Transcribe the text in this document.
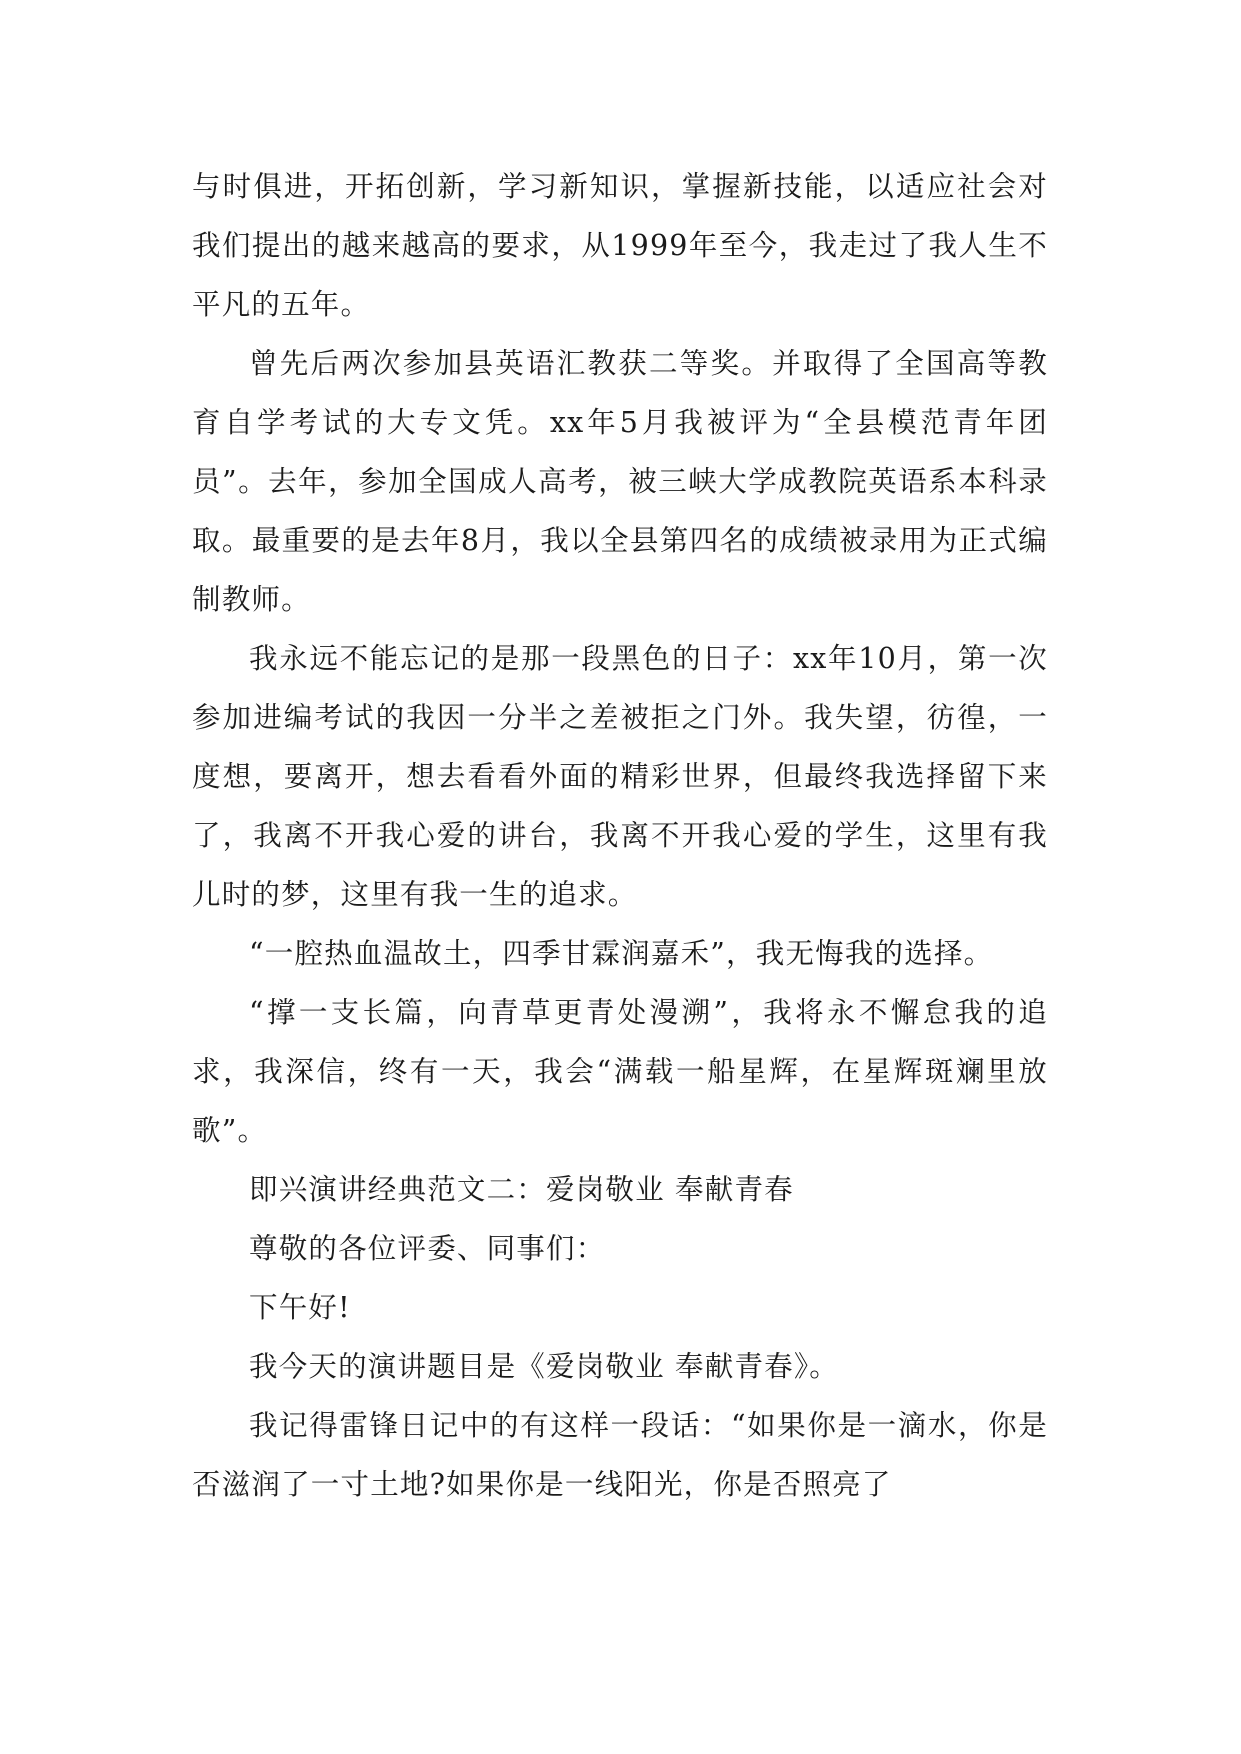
与时俱进，开拓创新，学习新知识，掌握新技能，以适应社会对我们提出的越来越高的要求，从1999年至今，我走过了我人生不平凡的五年。

曾先后两次参加县英语汇教获二等奖。并取得了全国高等教育自学考试的大专文凭。xx年5月我被评为“全县模范青年团员”。去年，参加全国成人高考，被三峡大学成教院英语系本科录取。最重要的是去年8月，我以全县第四名的成绩被录用为正式编制教师。

我永远不能忘记的是那一段黑色的日子：xx年10月，第一次参加进编考试的我因一分半之差被拒之门外。我失望，彷徨，一度想，要离开，想去看看外面的精彩世界，但最终我选择留下来了，我离不开我心爱的讲台，我离不开我心爱的学生，这里有我儿时的梦，这里有我一生的追求。

“一腔热血温故土，四季甘霖润嘉禾”，我无悔我的选择。

“撑一支长篇，向青草更青处漫溯”，我将永不懈怠我的追求，我深信，终有一天，我会“满载一船星辉，在星辉斑斓里放歌”。

即兴演讲经典范文二：爱岗敬业 奉献青春

尊敬的各位评委、同事们：

下午好!

我今天的演讲题目是《爱岗敬业 奉献青春》。

我记得雷锋日记中的有这样一段话：“如果你是一滴水，你是否滋润了一寸土地?如果你是一线阳光，你是否照亮了
